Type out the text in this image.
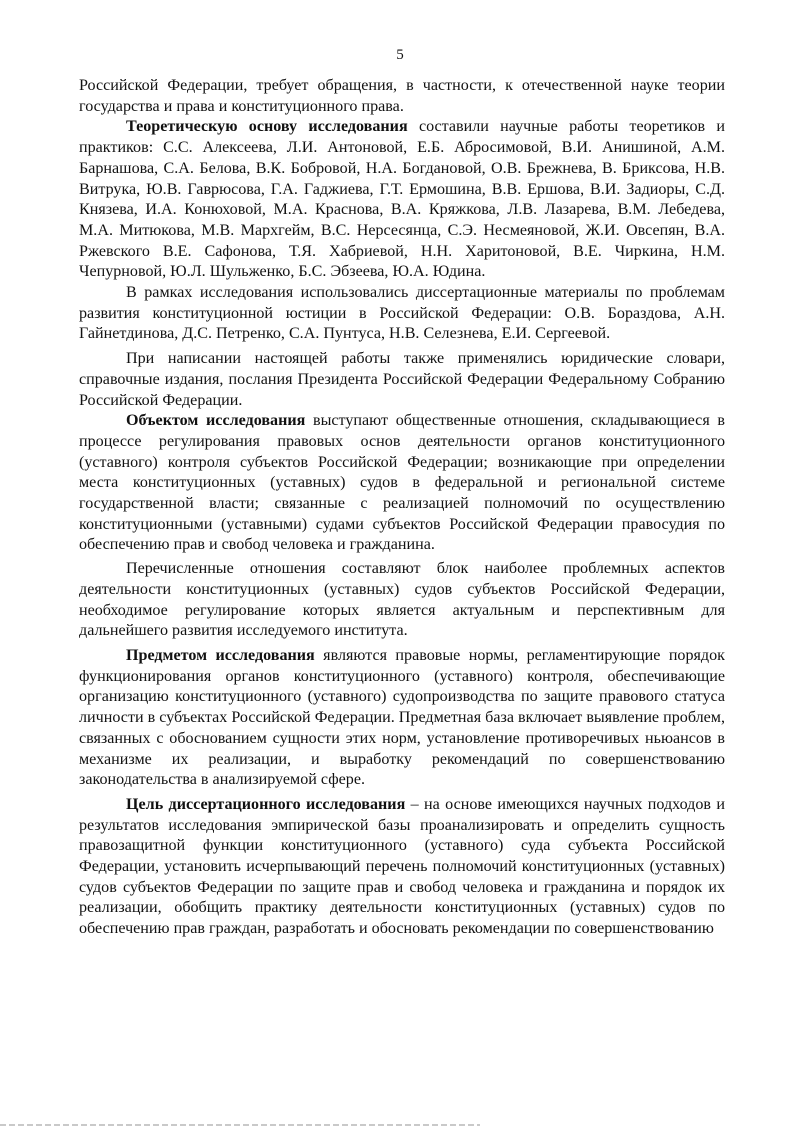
5

Российской Федерации, требует обращения, в частности, к отечественной науке теории государства и права и конституционного права.

Теоретическую основу исследования составили научные работы теоретиков и практиков: С.С. Алексеева, Л.И. Антоновой, Е.Б. Абросимовой, В.И. Анишиной, А.М. Барнашова, С.А. Белова, В.К. Бобровой, Н.А. Богдановой, О.В. Брежнева, В. Бриксова, Н.В. Витрука, Ю.В. Гаврюсова, Г.А. Гаджиева, Г.Т. Ермошина, В.В. Ершова, В.И. Задиоры, С.Д. Князева, И.А. Конюховой, М.А. Краснова, В.А. Кряжкова, Л.В. Лазарева, В.М. Лебедева, М.А. Митюкова, М.В. Мархгейм, В.С. Нерсесянца, С.Э. Несмеяновой, Ж.И. Овсепян, В.А. Ржевского В.Е. Сафонова, Т.Я. Хабриевой, Н.Н. Харитоновой, В.Е. Чиркина, Н.М. Чепурновой, Ю.Л. Шульженко, Б.С. Эбзеева, Ю.А. Юдина.

В рамках исследования использовались диссертационные материалы по проблемам развития конституционной юстиции в Российской Федерации: О.В. Бораздова, А.Н. Гайнетдинова, Д.С. Петренко, С.А. Пунтуса, Н.В. Селезнева, Е.И. Сергеевой.

При написании настоящей работы также применялись юридические словари, справочные издания, послания Президента Российской Федерации Федеральному Собранию Российской Федерации.

Объектом исследования выступают общественные отношения, складывающиеся в процессе регулирования правовых основ деятельности органов конституционного (уставного) контроля субъектов Российской Федерации; возникающие при определении места конституционных (уставных) судов в федеральной и региональной системе государственной власти; связанные с реализацией полномочий по осуществлению конституционными (уставными) судами субъектов Российской Федерации правосудия по обеспечению прав и свобод человека и гражданина.

Перечисленные отношения составляют блок наиболее проблемных аспектов деятельности конституционных (уставных) судов субъектов Российской Федерации, необходимое регулирование которых является актуальным и перспективным для дальнейшего развития исследуемого института.

Предметом исследования являются правовые нормы, регламентирующие порядок функционирования органов конституционного (уставного) контроля, обеспечивающие организацию конституционного (уставного) судопроизводства по защите правового статуса личности в субъектах Российской Федерации. Предметная база включает выявление проблем, связанных с обоснованием сущности этих норм, установление противоречивых ньюансов в механизме их реализации, и выработку рекомендаций по совершенствованию законодательства в анализируемой сфере.

Цель диссертационного исследования – на основе имеющихся научных подходов и результатов исследования эмпирической базы проанализировать и определить сущность правозащитной функции конституционного (уставного) суда субъекта Российской Федерации, установить исчерпывающий перечень полномочий конституционных (уставных) судов субъектов Федерации по защите прав и свобод человека и гражданина и порядок их реализации, обобщить практику деятельности конституционных (уставных) судов по обеспечению прав граждан, разработать и обосновать рекомендации по совершенствованию
